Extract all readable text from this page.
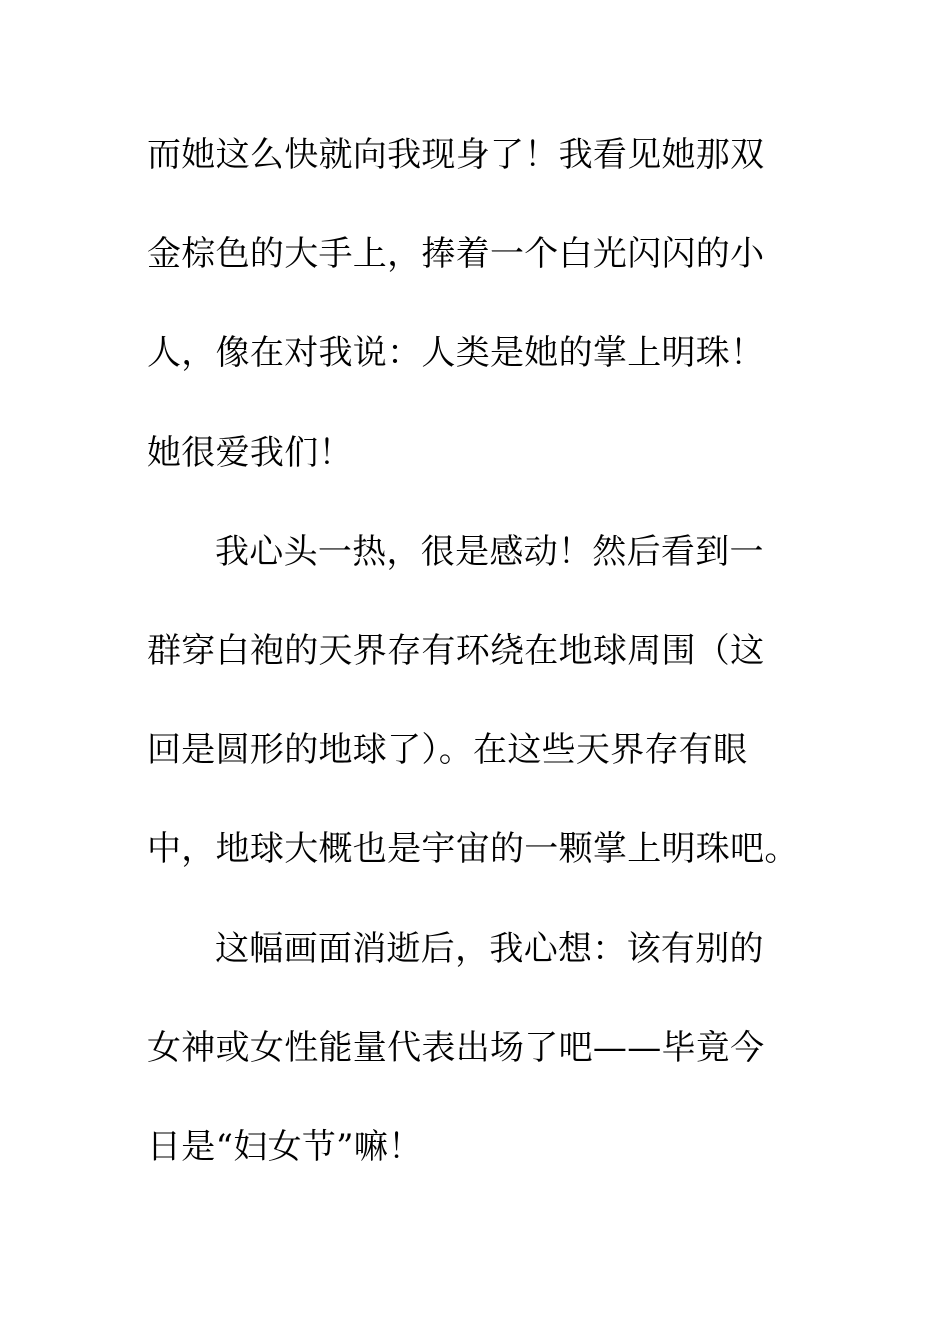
而她这么快就向我现身了！我看见她那双
金棕色的大手上，捧着一个白光闪闪的小
人，像在对我说：人类是她的掌上明珠！
她很爱我们！
我心头一热，很是感动！然后看到一
群穿白袍的天界存有环绕在地球周围（这
回是圆形的地球了）。在这些天界存有眼
中，地球大概也是宇宙的一颗掌上明珠吧。
这幅画面消逝后，我心想：该有别的
女神或女性能量代表出场了吧——毕竟今
日是“妇女节”嘛！
